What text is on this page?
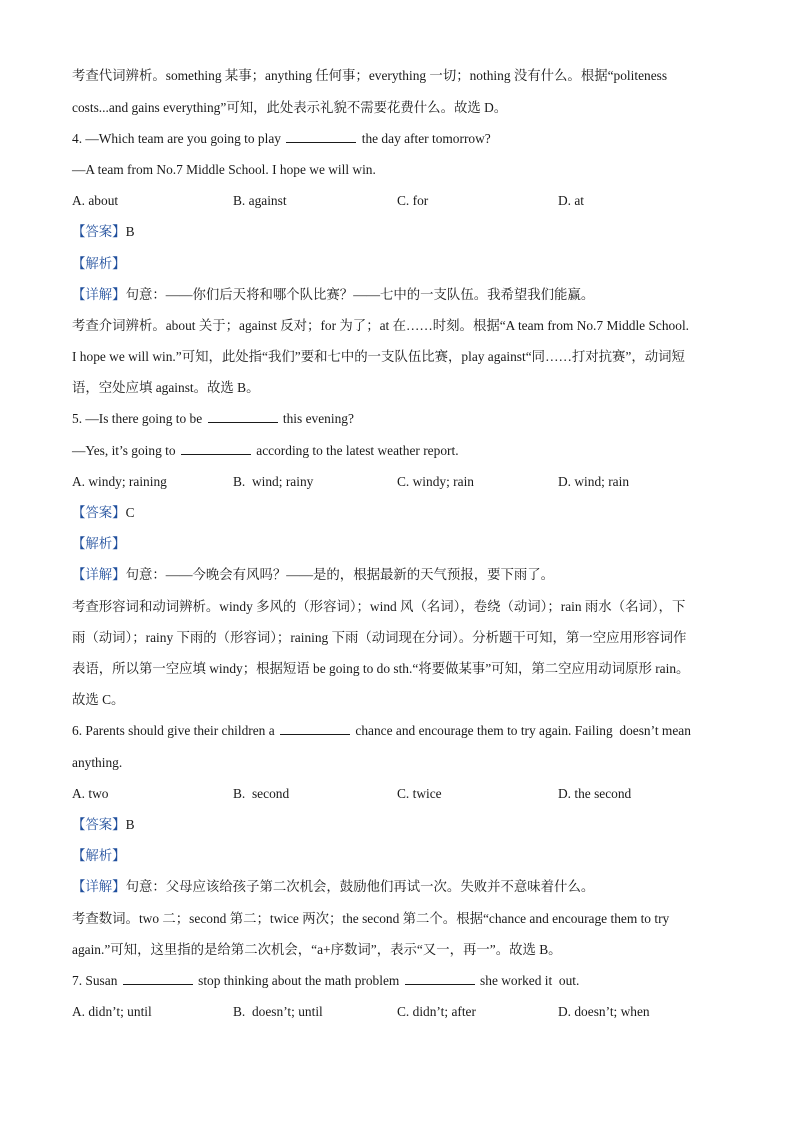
考查代词辨析。something 某事；anything 任何事；everything 一切；nothing 没有什么。根据“politeness
costs...and gains everything”可知，此处表示礼貌不需要花费什么。故选 D。
4. —Which team are you going to play	the day after tomorrow?
—A team from No.7 Middle School. I hope we will win.
A. about	B. against	C. for	D. at
【答案】B
【解析】
【详解】句意：——你们后天将和哪个队比赛？——七中的一支队伍。我希望我们能赢。
考查介词辨析。about 关于；against 反对；for 为了；at 在……时刻。根据“A team from No.7 Middle School.
I hope we will win.”可知，此处指“我们”要和七中的一支队伍比赛，play against“同……打对抗赛”，动词短
语，空处应填 against。故选 B。
5. —Is there going to be	this evening?
—Yes, it’s going to	according to the latest weather report.
A. windy; raining	B.  wind; rainy	C. windy; rain	D. wind; rain
【答案】C
【解析】
【详解】句意：——今晚会有风吗？——是的，根据最新的天气预报，要下雨了。
考查形容词和动词辨析。windy 多风的（形容词）；wind 风（名词），卷绕（动词）；rain 雨水（名词），下
雨（动词）；rainy 下雨的（形容词）；raining 下雨（动词现在分词）。分析题干可知，第一空应用形容词作
表语，所以第一空应填 windy；根据短语 be going to do sth.“将要做某事”可知，第二空应用动词原形 rain。
故选 C。
6. Parents should give their children a	chance and encourage them to try again. Failing  doesn’t mean
anything.
A. two	B.  second	C. twice	D. the second
【答案】B
【解析】
【详解】句意：父母应该给孩子第二次机会，鼓励他们再试一次。失败并不意味着什么。
考查数词。two 二；second 第二；twice 两次；the second 第二个。根据“chance and encourage them to try
again.”可知，这里指的是给第二次机会，“a+序数词”，表示“又一，再一”。故选 B。
7. Susan	stop thinking about the math problem	she worked it  out.
A. didn’t; until	B.  doesn’t; until	C. didn’t; after	D. doesn’t; when
